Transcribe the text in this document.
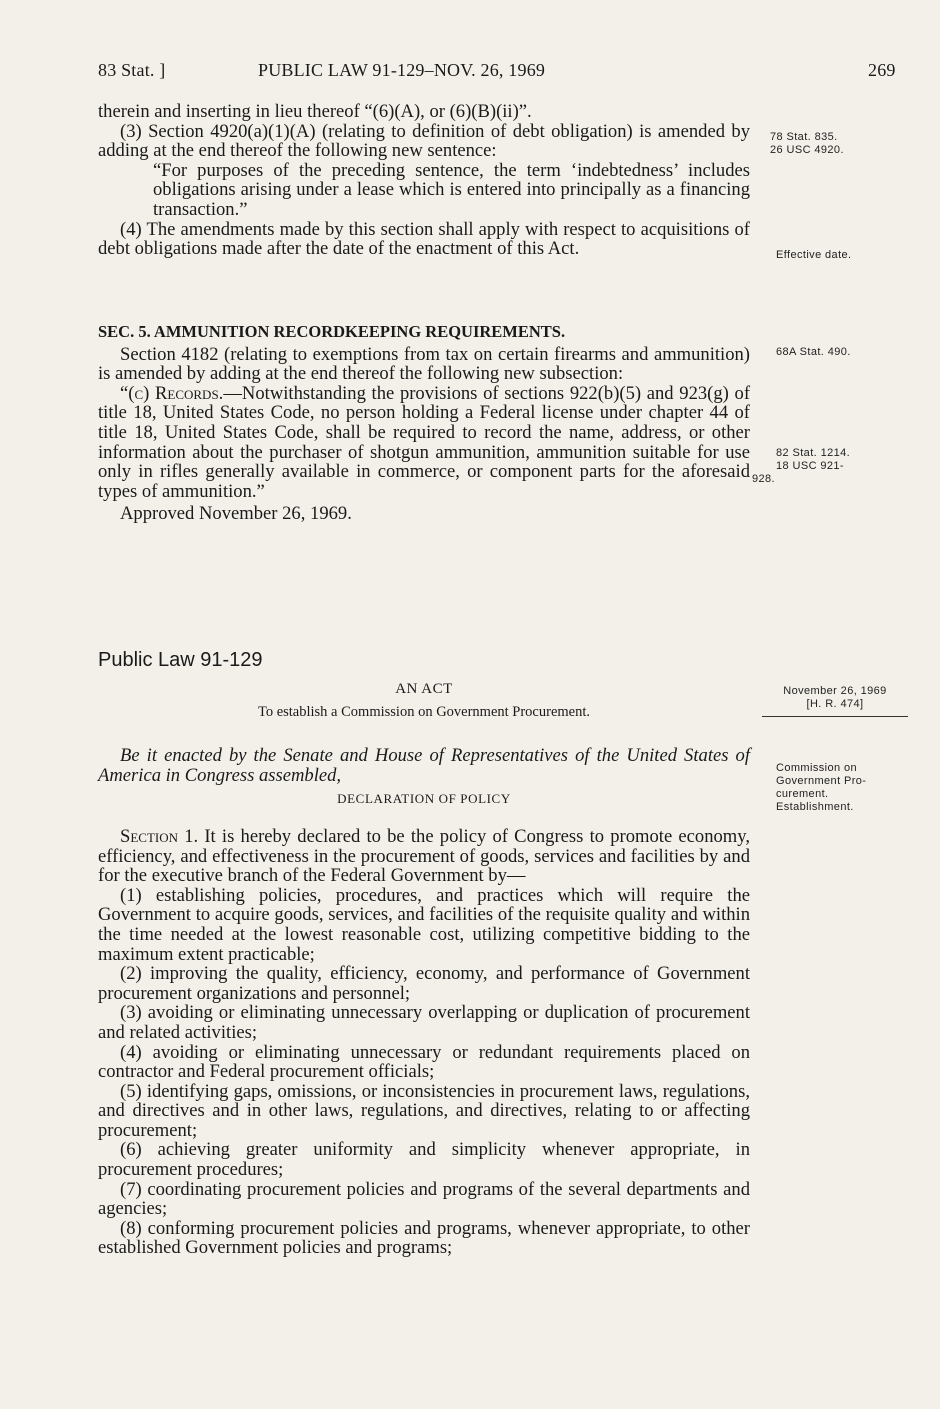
83 Stat. ]	PUBLIC LAW 91-129–NOV. 26, 1969	269

therein and inserting in lieu thereof “(6)(A), or (6)(B)(ii)”.

(3) Section 4920(a)(1)(A) (relating to definition of debt obligation) is amended by adding at the end thereof the following new sentence:

“For purposes of the preceding sentence, the term ‘indebtedness’ includes obligations arising under a lease which is entered into principally as a financing transaction.”

(4) The amendments made by this section shall apply with respect to acquisitions of debt obligations made after the date of the enactment of this Act.

SEC. 5. AMMUNITION RECORDKEEPING REQUIREMENTS.

Section 4182 (relating to exemptions from tax on certain firearms and ammunition) is amended by adding at the end thereof the following new subsection:

“(c) Records.—Notwithstanding the provisions of sections 922(b)(5) and 923(g) of title 18, United States Code, no person holding a Federal license under chapter 44 of title 18, United States Code, shall be required to record the name, address, or other information about the purchaser of shotgun ammunition, ammunition suitable for use only in rifles generally available in commerce, or component parts for the aforesaid types of ammunition.”

Approved November 26, 1969.

Public Law 91-129

AN ACT

To establish a Commission on Government Procurement.

Be it enacted by the Senate and House of Representatives of the United States of America in Congress assembled,

DECLARATION OF POLICY

Section 1. It is hereby declared to be the policy of Congress to promote economy, efficiency, and effectiveness in the procurement of goods, services and facilities by and for the executive branch of the Federal Government by—

(1) establishing policies, procedures, and practices which will require the Government to acquire goods, services, and facilities of the requisite quality and within the time needed at the lowest reasonable cost, utilizing competitive bidding to the maximum extent practicable;

(2) improving the quality, efficiency, economy, and performance of Government procurement organizations and personnel;

(3) avoiding or eliminating unnecessary overlapping or duplication of procurement and related activities;

(4) avoiding or eliminating unnecessary or redundant requirements placed on contractor and Federal procurement officials;

(5) identifying gaps, omissions, or inconsistencies in procurement laws, regulations, and directives and in other laws, regulations, and directives, relating to or affecting procurement;

(6) achieving greater uniformity and simplicity whenever appropriate, in procurement procedures;

(7) coordinating procurement policies and programs of the several departments and agencies;

(8) conforming procurement policies and programs, whenever appropriate, to other established Government policies and programs;

78 Stat. 835.
26 USC 4920.
Effective date.
68A Stat. 490.
82 Stat. 1214.
18 USC 921-
928.
November 26, 1969
[H. R. 474]
Commission on
Government Pro-
curement.
Establishment.
